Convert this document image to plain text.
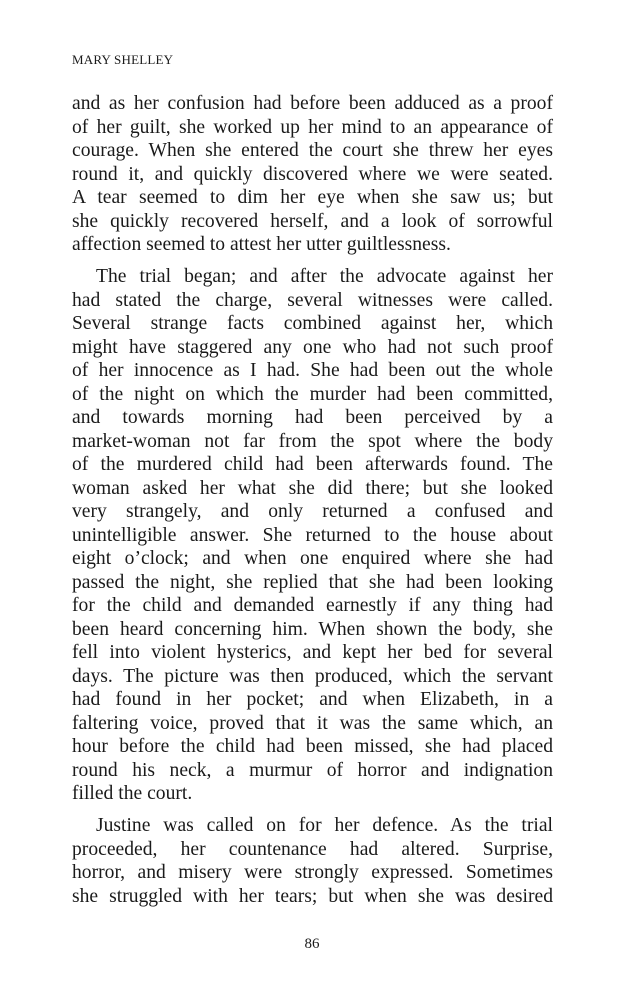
MARY SHELLEY
and as her confusion had before been adduced as a proof
of her guilt, she worked up her mind to an appearance of
courage. When she entered the court she threw her eyes
round it, and quickly discovered where we were seated.
A tear seemed to dim her eye when she saw us; but
she quickly recovered herself, and a look of sorrowful
affection seemed to attest her utter guiltlessness.
The trial began; and after the advocate against her
had stated the charge, several witnesses were called.
Several strange facts combined against her, which
might have staggered any one who had not such proof
of her innocence as I had. She had been out the whole
of the night on which the murder had been committed,
and towards morning had been perceived by a
market-woman not far from the spot where the body
of the murdered child had been afterwards found. The
woman asked her what she did there; but she looked
very strangely, and only returned a confused and
unintelligible answer. She returned to the house about
eight o’clock; and when one enquired where she had
passed the night, she replied that she had been looking
for the child and demanded earnestly if any thing had
been heard concerning him. When shown the body, she
fell into violent hysterics, and kept her bed for several
days. The picture was then produced, which the servant
had found in her pocket; and when Elizabeth, in a
faltering voice, proved that it was the same which, an
hour before the child had been missed, she had placed
round his neck, a murmur of horror and indignation
filled the court.
Justine was called on for her defence. As the trial
proceeded, her countenance had altered. Surprise,
horror, and misery were strongly expressed. Sometimes
she struggled with her tears; but when she was desired
86
